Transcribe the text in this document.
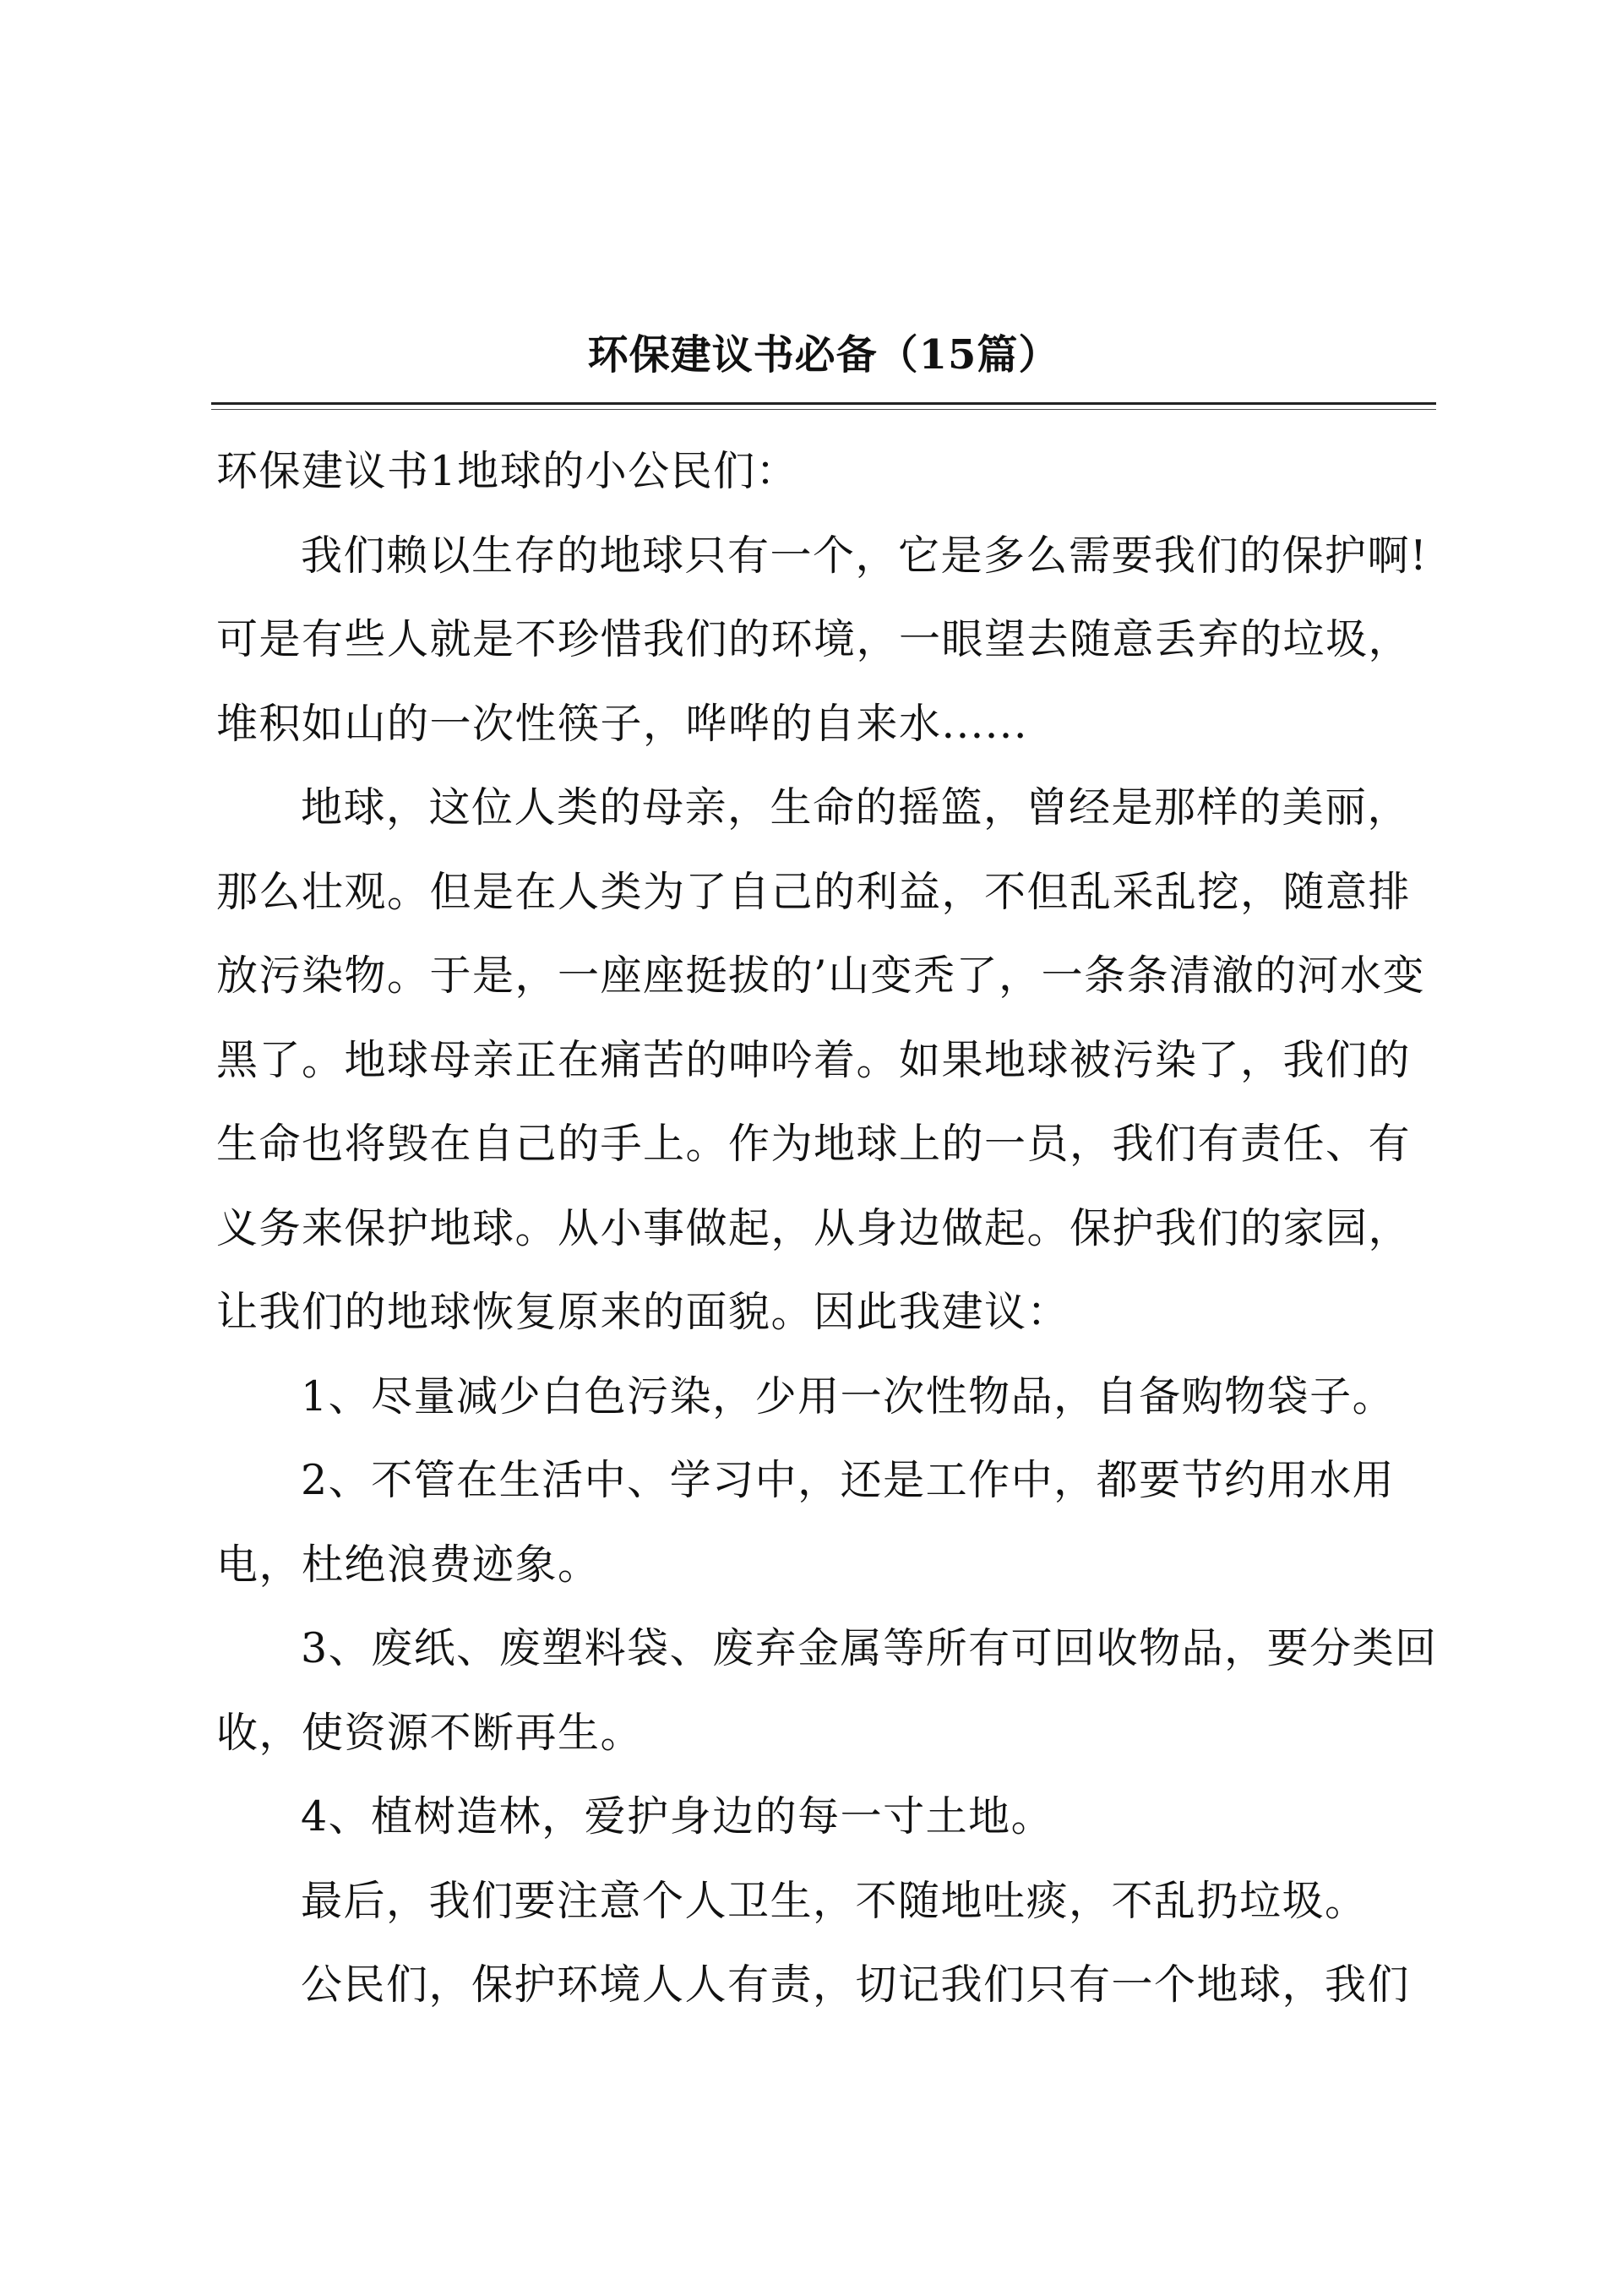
环保建议书必备（15篇）

环保建议书1地球的小公民们：

我们赖以生存的地球只有一个，它是多么需要我们的保护啊!可是有些人就是不珍惜我们的环境，一眼望去随意丢弃的垃圾，堆积如山的一次性筷子，哗哗的自来水......

地球，这位人类的母亲，生命的摇篮，曾经是那样的美丽，那么壮观。但是在人类为了自己的利益，不但乱采乱挖，随意排放污染物。于是，一座座挺拔的’山变秃了，一条条清澈的河水变黑了。地球母亲正在痛苦的呻吟着。如果地球被污染了，我们的生命也将毁在自己的手上。作为地球上的一员，我们有责任、有义务来保护地球。从小事做起，从身边做起。保护我们的家园，让我们的地球恢复原来的面貌。因此我建议：

1、尽量减少白色污染，少用一次性物品，自备购物袋子。

2、不管在生活中、学习中，还是工作中，都要节约用水用电，杜绝浪费迹象。

3、废纸、废塑料袋、废弃金属等所有可回收物品，要分类回收，使资源不断再生。

4、植树造林，爱护身边的每一寸土地。

最后，我们要注意个人卫生，不随地吐痰，不乱扔垃圾。

公民们，保护环境人人有责，切记我们只有一个地球，我们
